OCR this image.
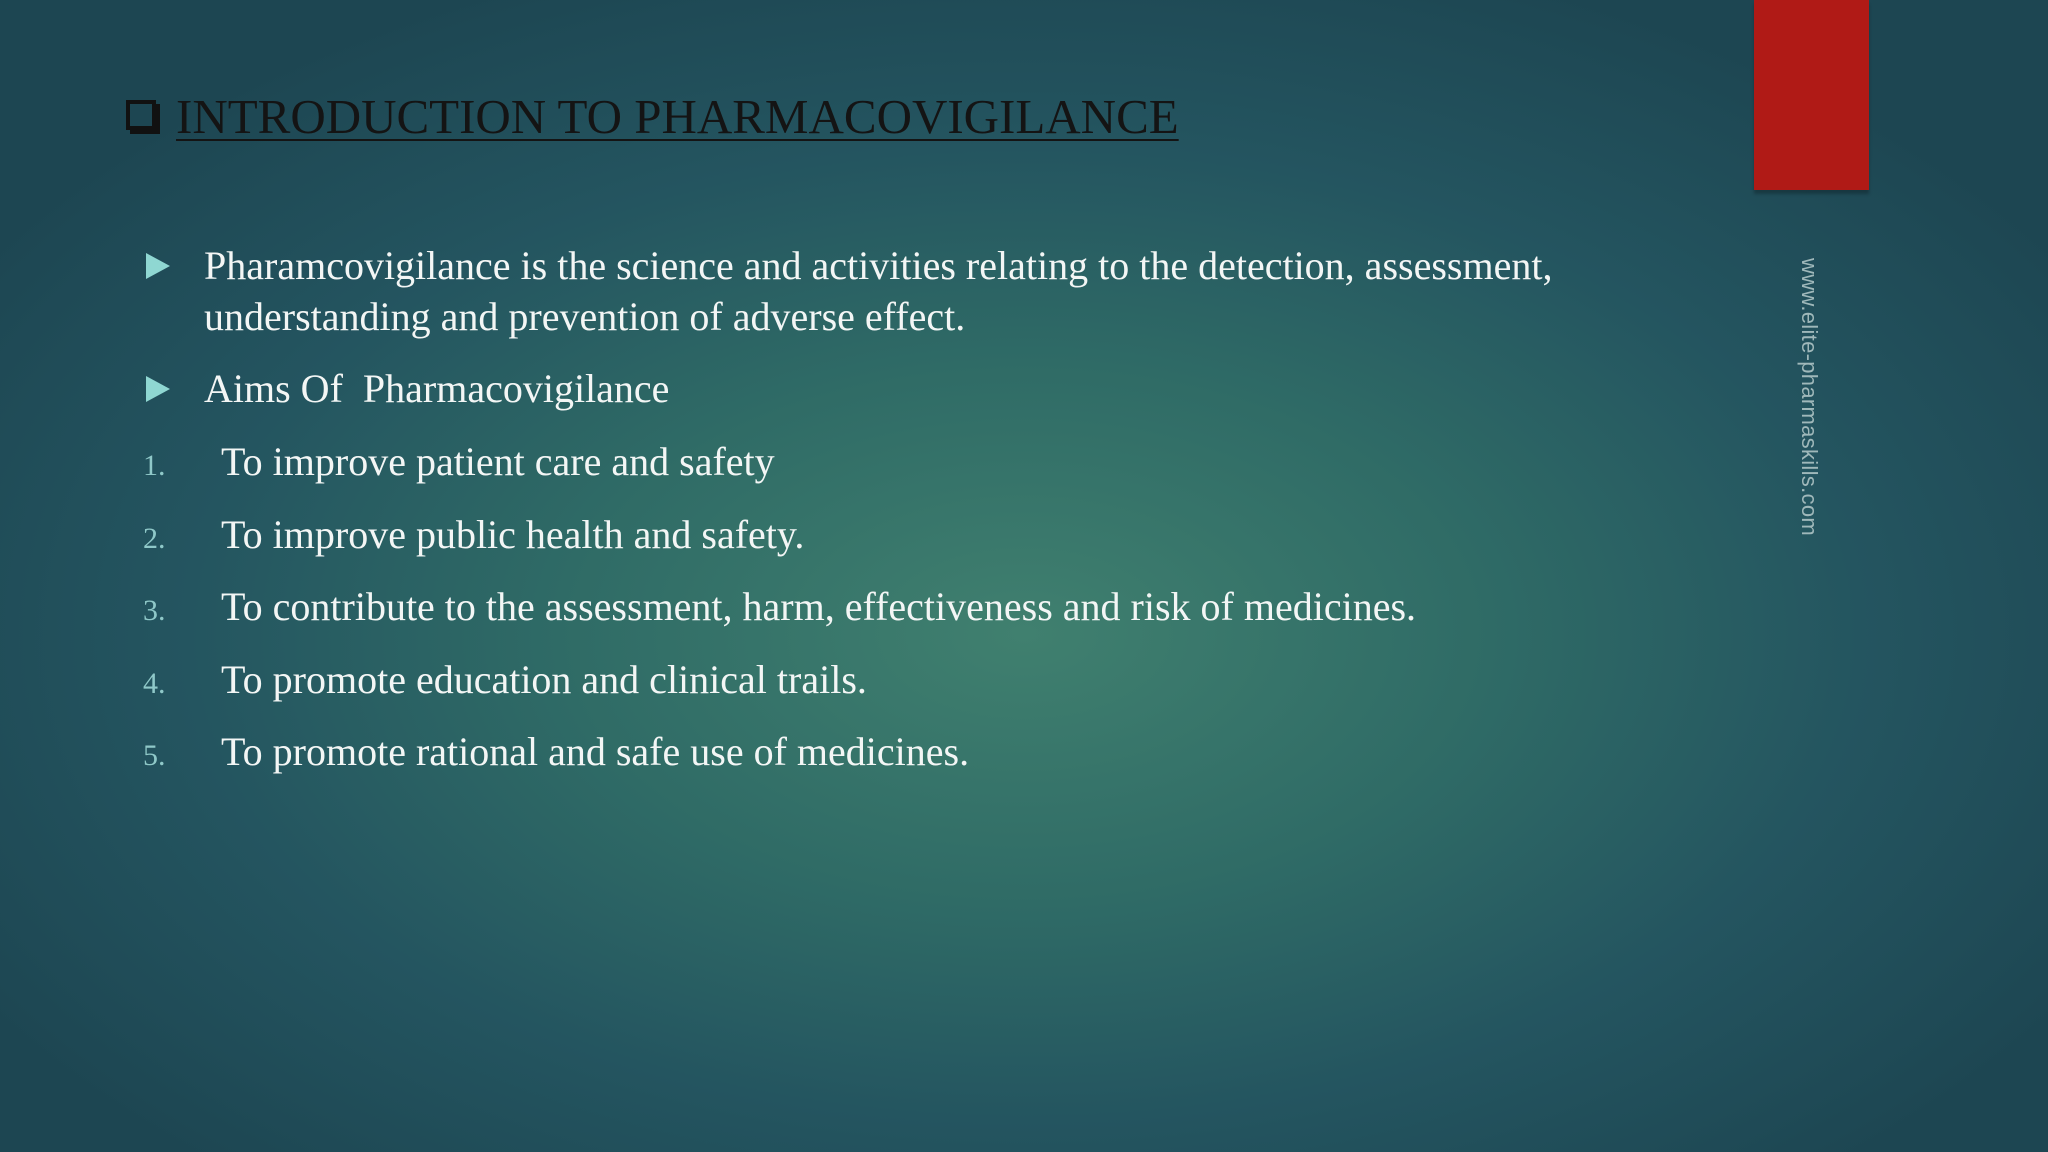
www.elite-pharmaskills.com
INTRODUCTION TO PHARMACOVIGILANCE
Pharamcovigilance is the science and activities relating to the detection, assessment, understanding and prevention of adverse effect.
Aims Of  Pharmacovigilance
1.	To improve patient care and safety
2.	To improve public health and safety.
3.	To contribute to the assessment, harm, effectiveness and risk of medicines.
4.	To promote education and clinical trails.
5.	To promote rational and safe use of medicines.
